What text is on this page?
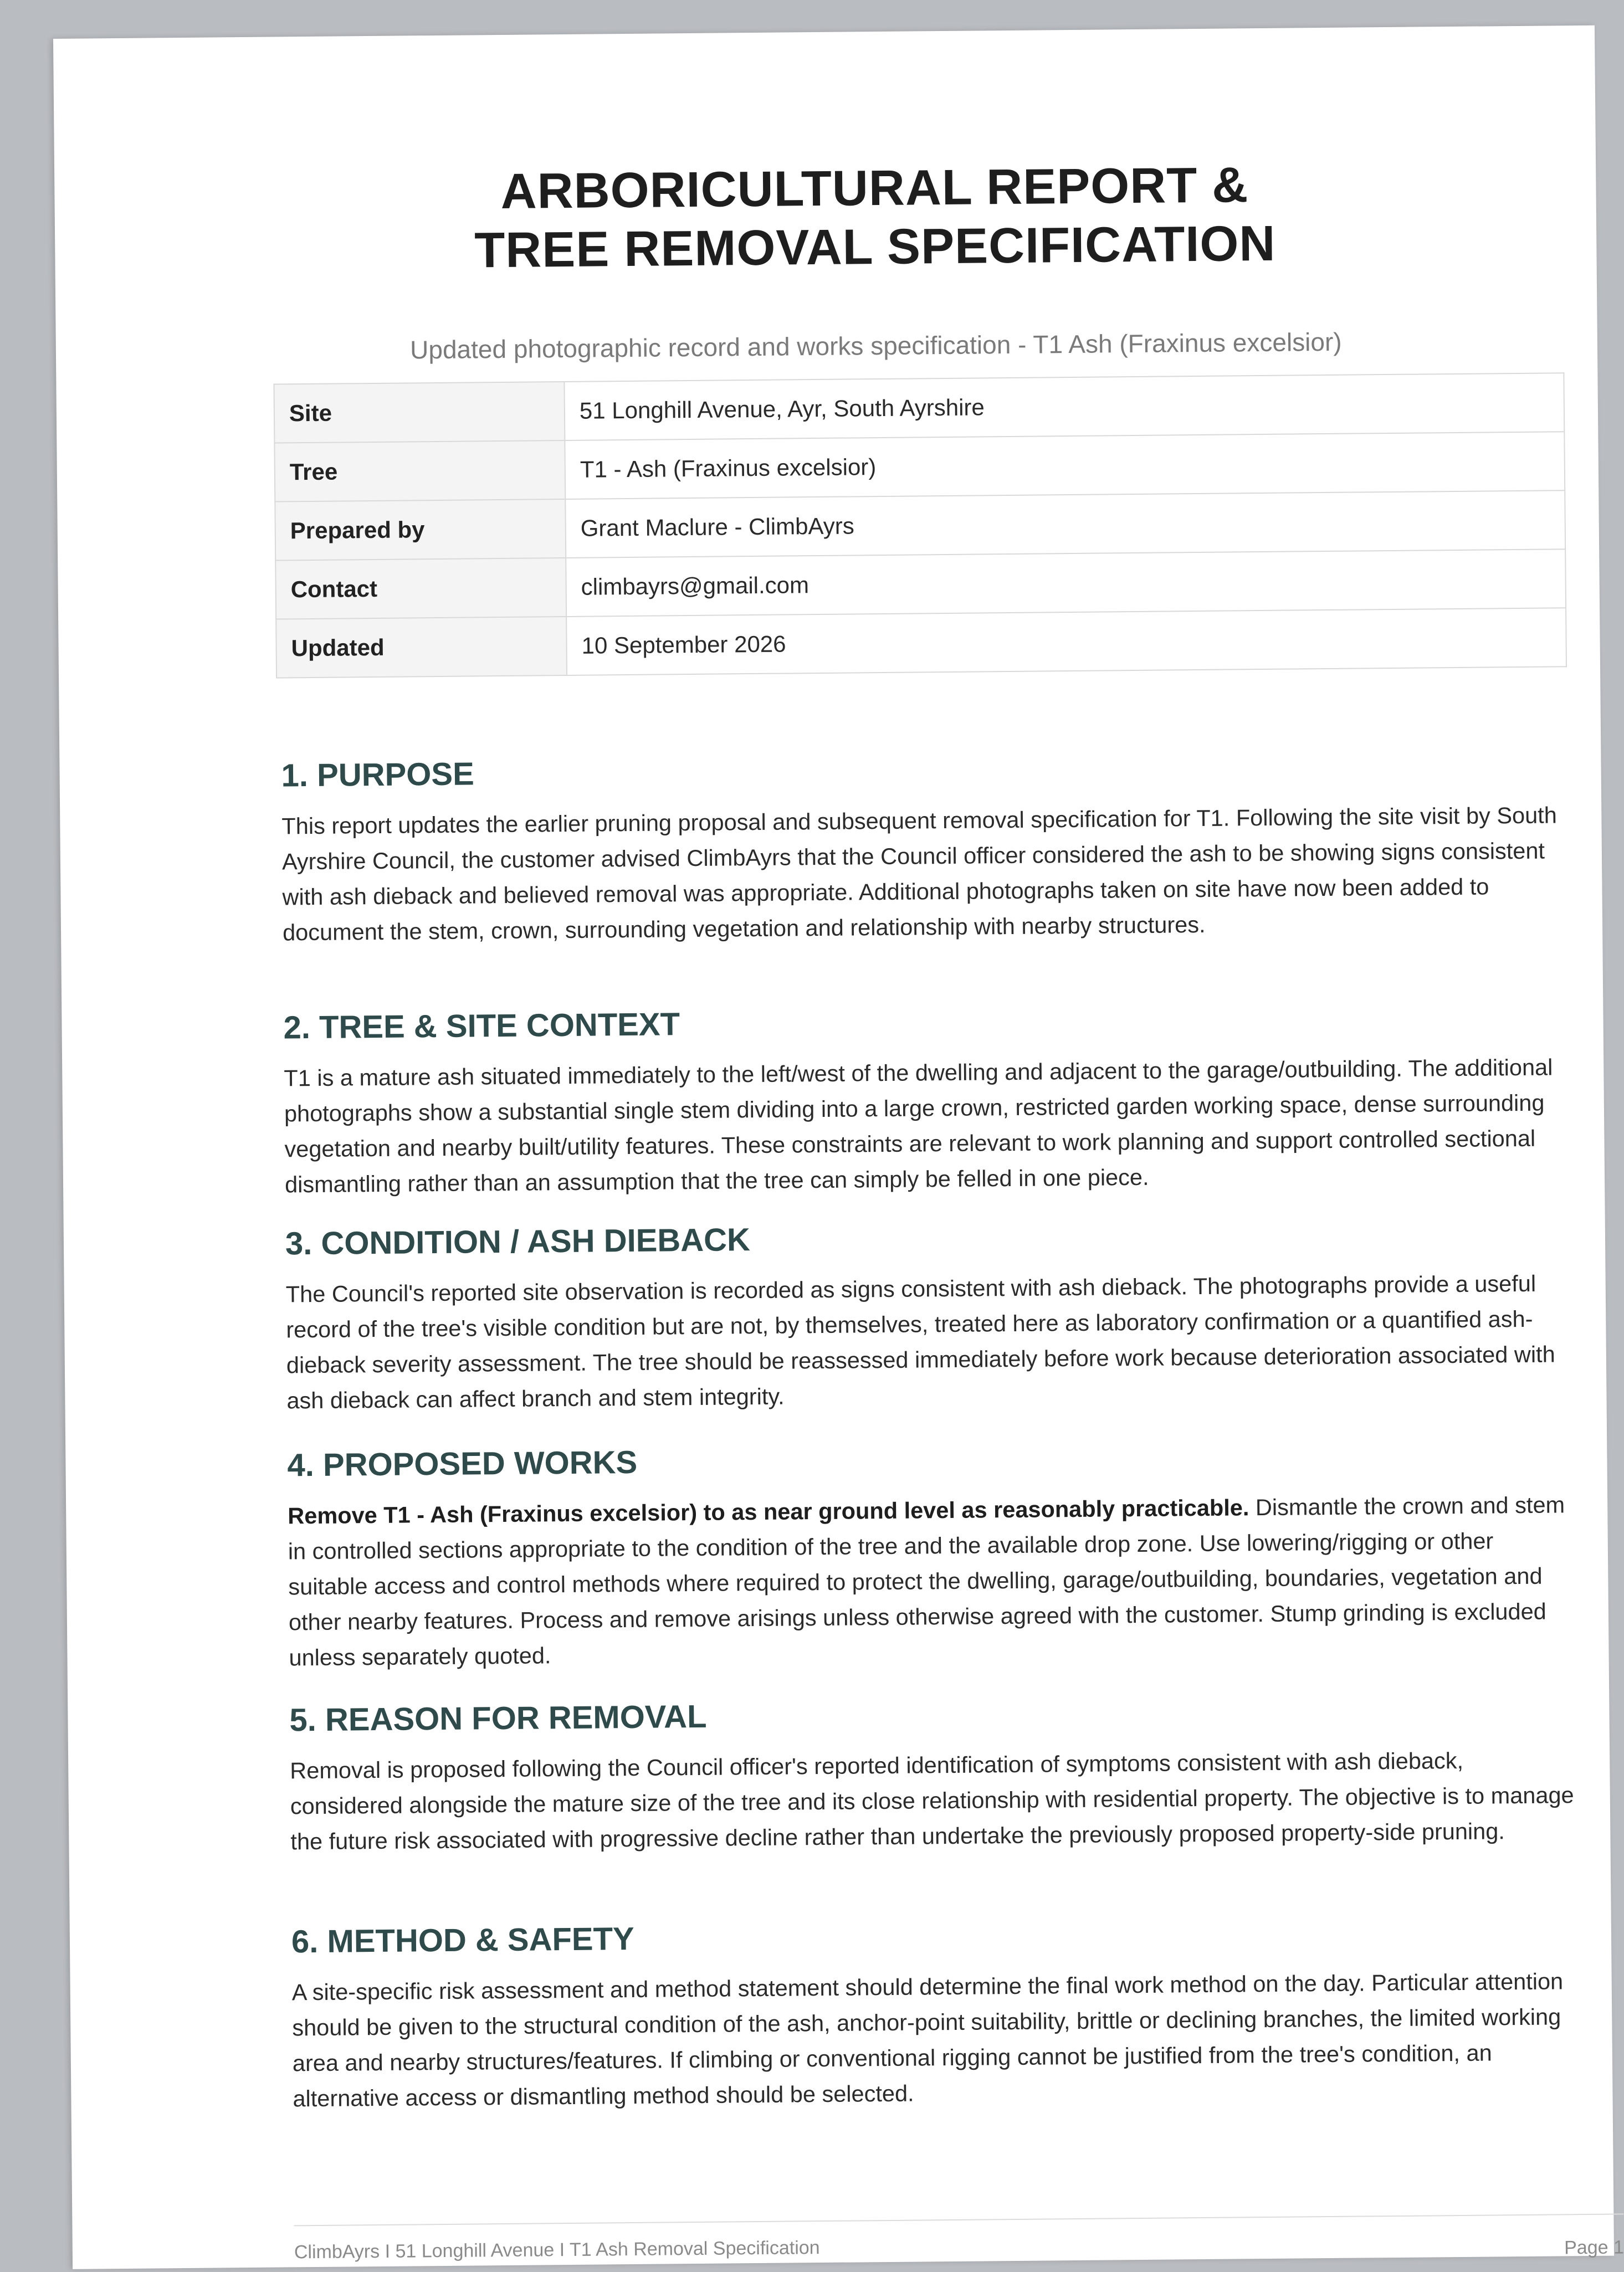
ARBORICULTURAL REPORT &
TREE REMOVAL SPECIFICATION
Updated photographic record and works specification - T1 Ash (Fraxinus excelsior)
Site	51 Longhill Avenue, Ayr, South Ayrshire
Tree	T1 - Ash (Fraxinus excelsior)
Prepared by	Grant Maclure - ClimbAyrs
Contact	climbayrs@gmail.com
Updated	10 September 2026
1. PURPOSE

This report updates the earlier pruning proposal and subsequent removal specification for T1. Following the site visit by South Ayrshire Council, the customer advised ClimbAyrs that the Council officer considered the ash to be showing signs consistent with ash dieback and believed removal was appropriate. Additional photographs taken on site have now been added to document the stem, crown, surrounding vegetation and relationship with nearby structures.

2. TREE & SITE CONTEXT

T1 is a mature ash situated immediately to the left/west of the dwelling and adjacent to the garage/outbuilding. The additional photographs show a substantial single stem dividing into a large crown, restricted garden working space, dense surrounding vegetation and nearby built/utility features. These constraints are relevant to work planning and support controlled sectional dismantling rather than an assumption that the tree can simply be felled in one piece.

3. CONDITION / ASH DIEBACK

The Council's reported site observation is recorded as signs consistent with ash dieback. The photographs provide a useful record of the tree's visible condition but are not, by themselves, treated here as laboratory confirmation or a quantified ash-dieback severity assessment. The tree should be reassessed immediately before work because deterioration associated with ash dieback can affect branch and stem integrity.

4. PROPOSED WORKS

Remove T1 - Ash (Fraxinus excelsior) to as near ground level as reasonably practicable. Dismantle the crown and stem in controlled sections appropriate to the condition of the tree and the available drop zone. Use lowering/rigging or other suitable access and control methods where required to protect the dwelling, garage/outbuilding, boundaries, vegetation and other nearby features. Process and remove arisings unless otherwise agreed with the customer. Stump grinding is excluded unless separately quoted.

5. REASON FOR REMOVAL

Removal is proposed following the Council officer's reported identification of symptoms consistent with ash dieback, considered alongside the mature size of the tree and its close relationship with residential property. The objective is to manage the future risk associated with progressive decline rather than undertake the previously proposed property-side pruning.

6. METHOD & SAFETY

A site-specific risk assessment and method statement should determine the final work method on the day. Particular attention should be given to the structural condition of the ash, anchor-point suitability, brittle or declining branches, the limited working area and nearby structures/features. If climbing or conventional rigging cannot be justified from the tree's condition, an alternative access or dismantling method should be selected.

ClimbAyrs I 51 Longhill Avenue I T1 Ash Removal Specification	Page 1
